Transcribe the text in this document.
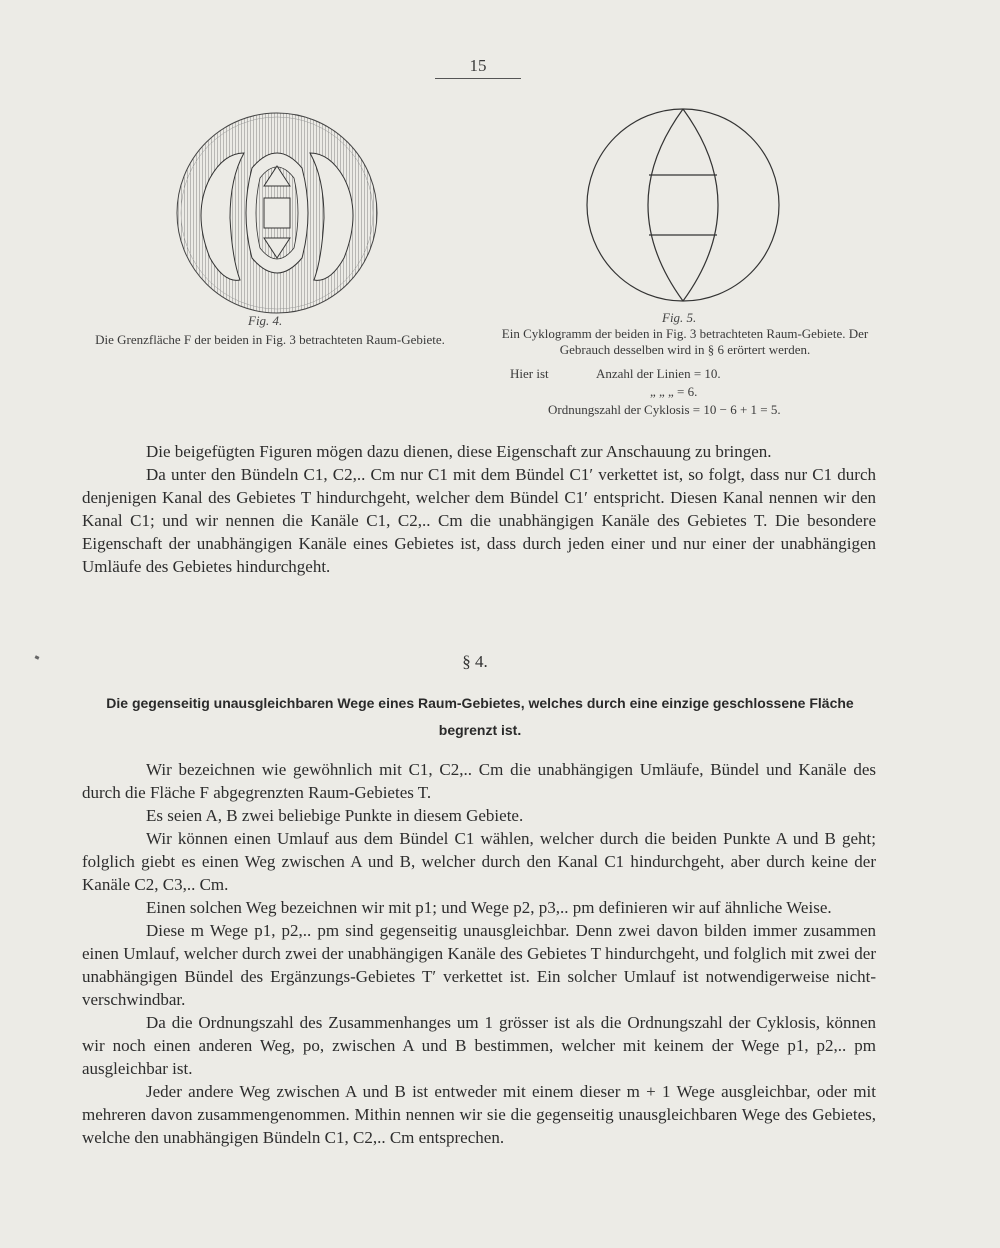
15
Fig. 4.
Die Grenzfläche F der beiden in Fig. 3 betrachteten Raum-Gebiete.
Fig. 5.
Ein Cyklogramm der beiden in Fig. 3 betrachteten Raum-Gebiete. Der Gebrauch desselben wird in § 6 erörtert werden.
Hier ist	Anzahl der Linien = 10.
„ „ „ = 6.
Ordnungszahl der Cyklosis = 10 − 6 + 1 = 5.

Die beigefügten Figuren mögen dazu dienen, diese Eigenschaft zur Anschauung zu bringen.

Da unter den Bündeln C1, C2,.. Cm nur C1 mit dem Bündel C1′ verkettet ist, so folgt, dass nur C1 durch denjenigen Kanal des Gebietes T hindurchgeht, welcher dem Bündel C1′ entspricht. Diesen Kanal nennen wir den Kanal C1; und wir nennen die Kanäle C1, C2,.. Cm die unabhängigen Kanäle des Gebietes T. Die besondere Eigenschaft der unabhängigen Kanäle eines Gebietes ist, dass durch jeden einer und nur einer der unabhängigen Umläufe des Gebietes hindurchgeht.

§ 4.
Die gegenseitig unausgleichbaren Wege eines Raum-Gebietes, welches durch eine einzige geschlossene Fläche begrenzt ist.

Wir bezeichnen wie gewöhnlich mit C1, C2,.. Cm die unabhängigen Umläufe, Bündel und Kanäle des durch die Fläche F abgegrenzten Raum-Gebietes T.

Es seien A, B zwei beliebige Punkte in diesem Gebiete.

Wir können einen Umlauf aus dem Bündel C1 wählen, welcher durch die beiden Punkte A und B geht; folglich giebt es einen Weg zwischen A und B, welcher durch den Kanal C1 hindurchgeht, aber durch keine der Kanäle C2, C3,.. Cm.

Einen solchen Weg bezeichnen wir mit p1; und Wege p2, p3,.. pm definieren wir auf ähnliche Weise.

Diese m Wege p1, p2,.. pm sind gegenseitig unausgleichbar. Denn zwei davon bilden immer zusammen einen Umlauf, welcher durch zwei der unabhängigen Kanäle des Gebietes T hindurchgeht, und folglich mit zwei der unabhängigen Bündel des Ergänzungs-Gebietes T′ verkettet ist. Ein solcher Umlauf ist notwendigerweise nicht-verschwindbar.

Da die Ordnungszahl des Zusammenhanges um 1 grösser ist als die Ordnungszahl der Cyklosis, können wir noch einen anderen Weg, po, zwischen A und B bestimmen, welcher mit keinem der Wege p1, p2,.. pm ausgleichbar ist.

Jeder andere Weg zwischen A und B ist entweder mit einem dieser m + 1 Wege ausgleichbar, oder mit mehreren davon zusammengenommen. Mithin nennen wir sie die gegenseitig unausgleichbaren Wege des Gebietes, welche den unabhängigen Bündeln C1, C2,.. Cm entsprechen.
